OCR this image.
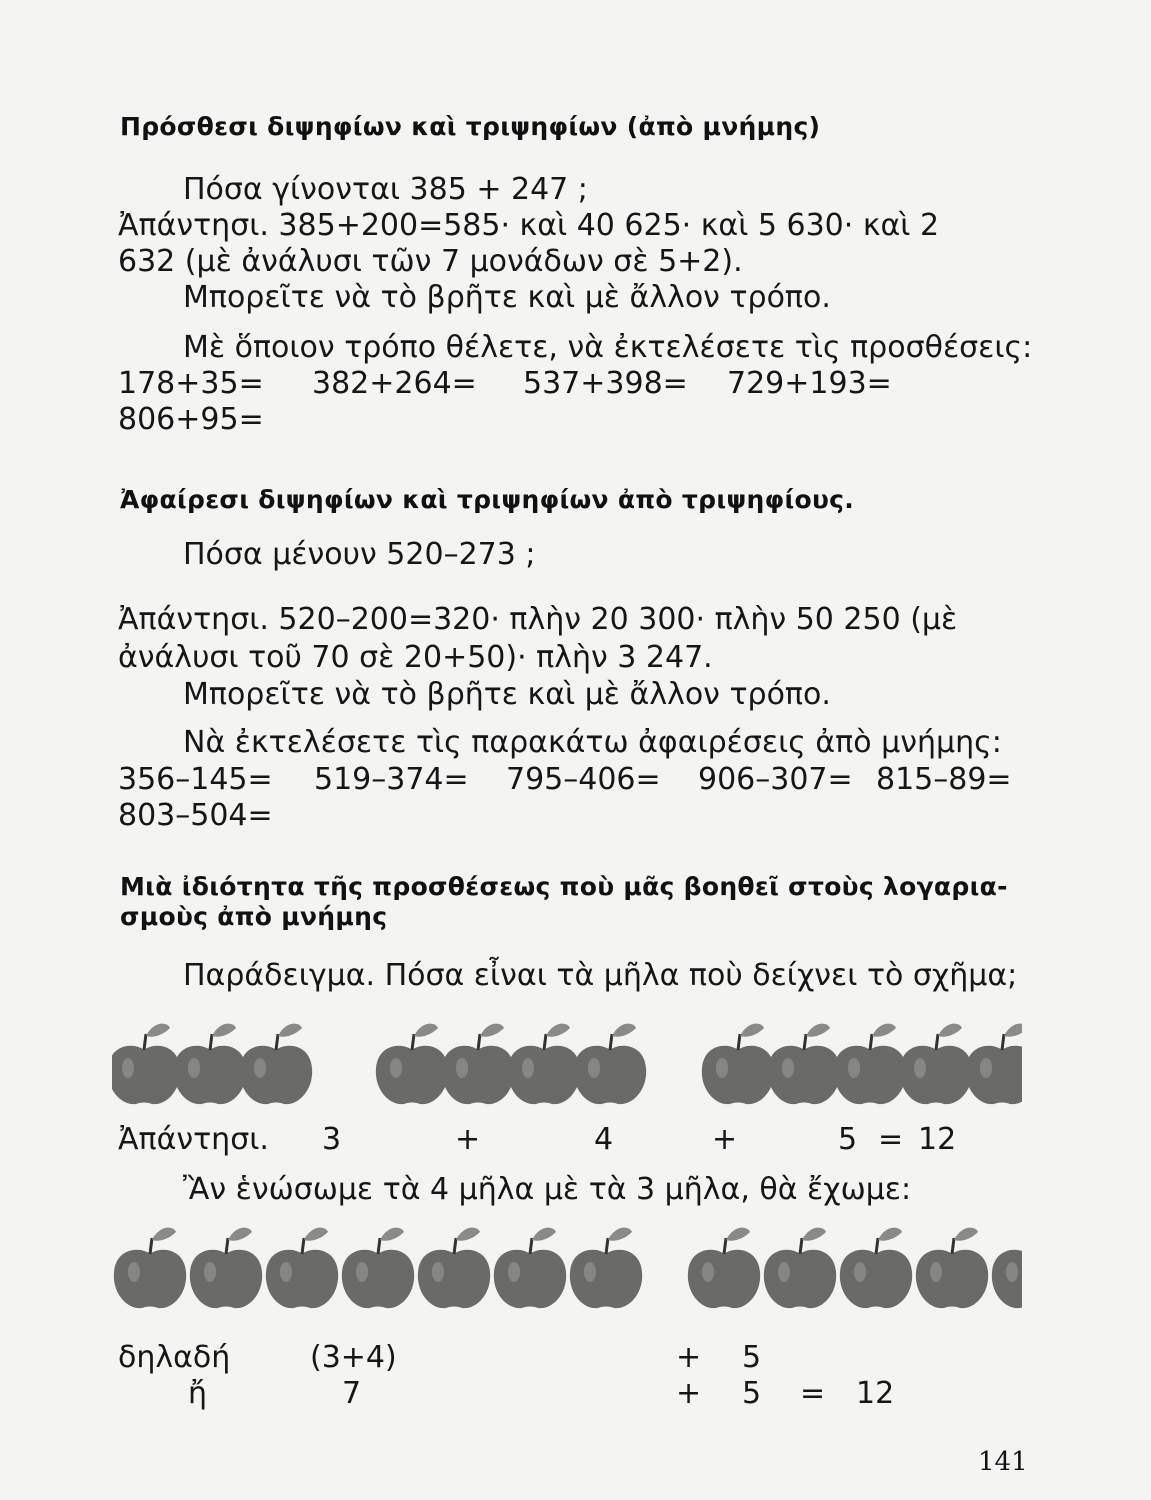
Πρόσθεσι διψηφίων καὶ τριψηφίων (ἀπὸ μνήμης)
Πόσα γίνονται 385 + 247 ;
Ἀπάντησι. 385+200=585· καὶ 40 625· καὶ 5 630· καὶ 2
632 (μὲ ἀνάλυσι τῶν 7 μονάδων σὲ 5+2).
Μπορεῖτε νὰ τὸ βρῆτε καὶ μὲ ἄλλον τρόπο.
Μὲ ὅποιον τρόπο θέλετε, νὰ ἐκτελέσετε τὶς προσθέσεις:
178+35= 382+264= 537+398= 729+193=
806+95=
Ἀφαίρεσι διψηφίων καὶ τριψηφίων ἀπὸ τριψηφίους.
Πόσα μένουν 520–273 ;
Ἀπάντησι. 520–200=320· πλὴν 20 300· πλὴν 50 250 (μὲ
ἀνάλυσι τοῦ 70 σὲ 20+50)· πλὴν 3 247.
Μπορεῖτε νὰ τὸ βρῆτε καὶ μὲ ἄλλον τρόπο.
Νὰ ἐκτελέσετε τὶς παρακάτω ἀφαιρέσεις ἀπὸ μνήμης:
356–145= 519–374= 795–406= 906–307= 815–89=
803–504=
Μιὰ ἰδιότητα τῆς προσθέσεως ποὺ μᾶς βοηθεῖ στοὺς λογαρια-
σμοὺς ἀπὸ μνήμης
Παράδειγμα. Πόσα εἶναι τὰ μῆλα ποὺ δείχνει τὸ σχῆμα;
Ἀπάντησι. 3	+	4	+	5 = 12
Ἂν ἑνώσωμε τὰ 4 μῆλα μὲ τὰ 3 μῆλα, θὰ ἔχωμε:
δηλαδή	(3+4)	+ 5
ἤ	7	+ 5 = 12
141
